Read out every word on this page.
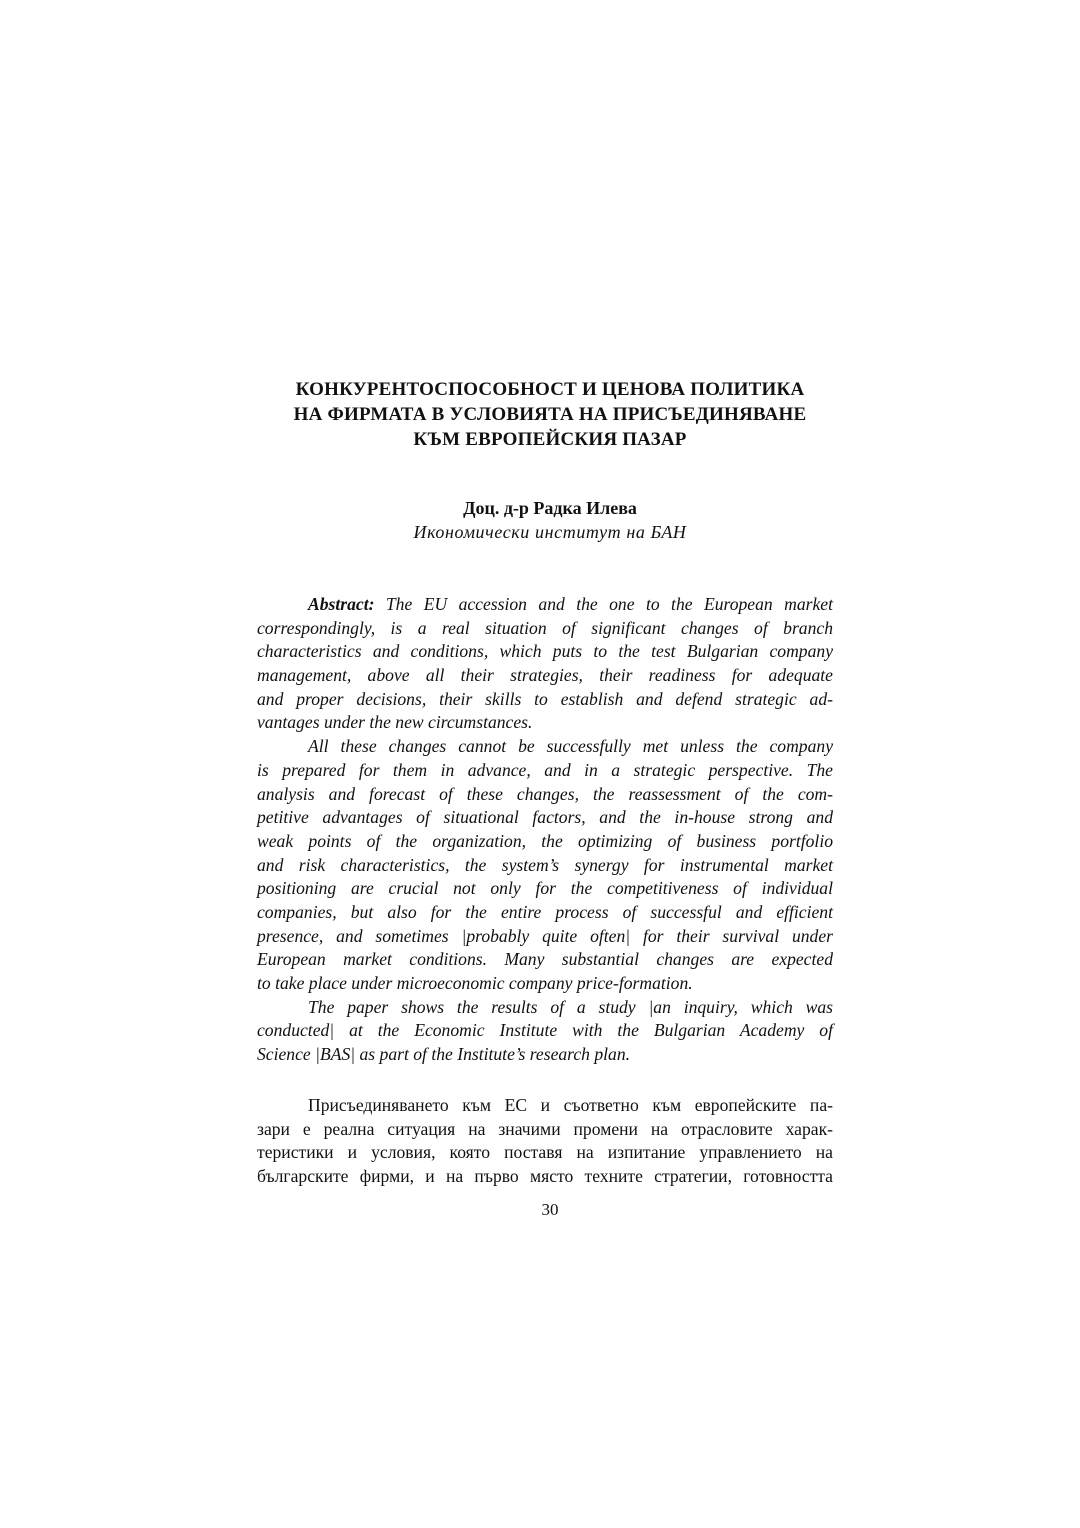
КОНКУРЕНТОСПОСОБНОСТ И ЦЕНОВА ПОЛИТИКА
НА ФИРМАТА В УСЛОВИЯТА НА ПРИСЪЕДИНЯВАНЕ
КЪМ ЕВРОПЕЙСКИЯ ПАЗАР
Доц. д-р Радка Илева
Икономически институт на БАН
Abstract: The EU accession and the one to the European market
correspondingly, is a real situation of significant changes of branch
characteristics and conditions, which puts to the test Bulgarian company
management, above all their strategies, their readiness for adequate
and proper decisions, their skills to establish and defend strategic ad-
vantages under the new circumstances.
All these changes cannot be successfully met unless the company
is prepared for them in advance, and in a strategic perspective. The
analysis and forecast of these changes, the reassessment of the com-
petitive advantages of situational factors, and the in-house strong and
weak points of the organization, the optimizing of business portfolio
and risk characteristics, the system’s synergy for instrumental market
positioning are crucial not only for the competitiveness of individual
companies, but also for the entire process of successful and efficient
presence, and sometimes |probably quite often| for their survival under
European market conditions. Many substantial changes are expected
to take place under microeconomic company price-formation.
The paper shows the results of a study |an inquiry, which was
conducted| at the Economic Institute with the Bulgarian Academy of
Science |BAS| as part of the Institute’s research plan.
Присъединяването към ЕС и съответно към европейските па-
зари е реална ситуация на значими промени на отрасловите харак-
теристики и условия, която поставя на изпитание управлението на
българските фирми, и на първо място техните стратегии, готовността
30
